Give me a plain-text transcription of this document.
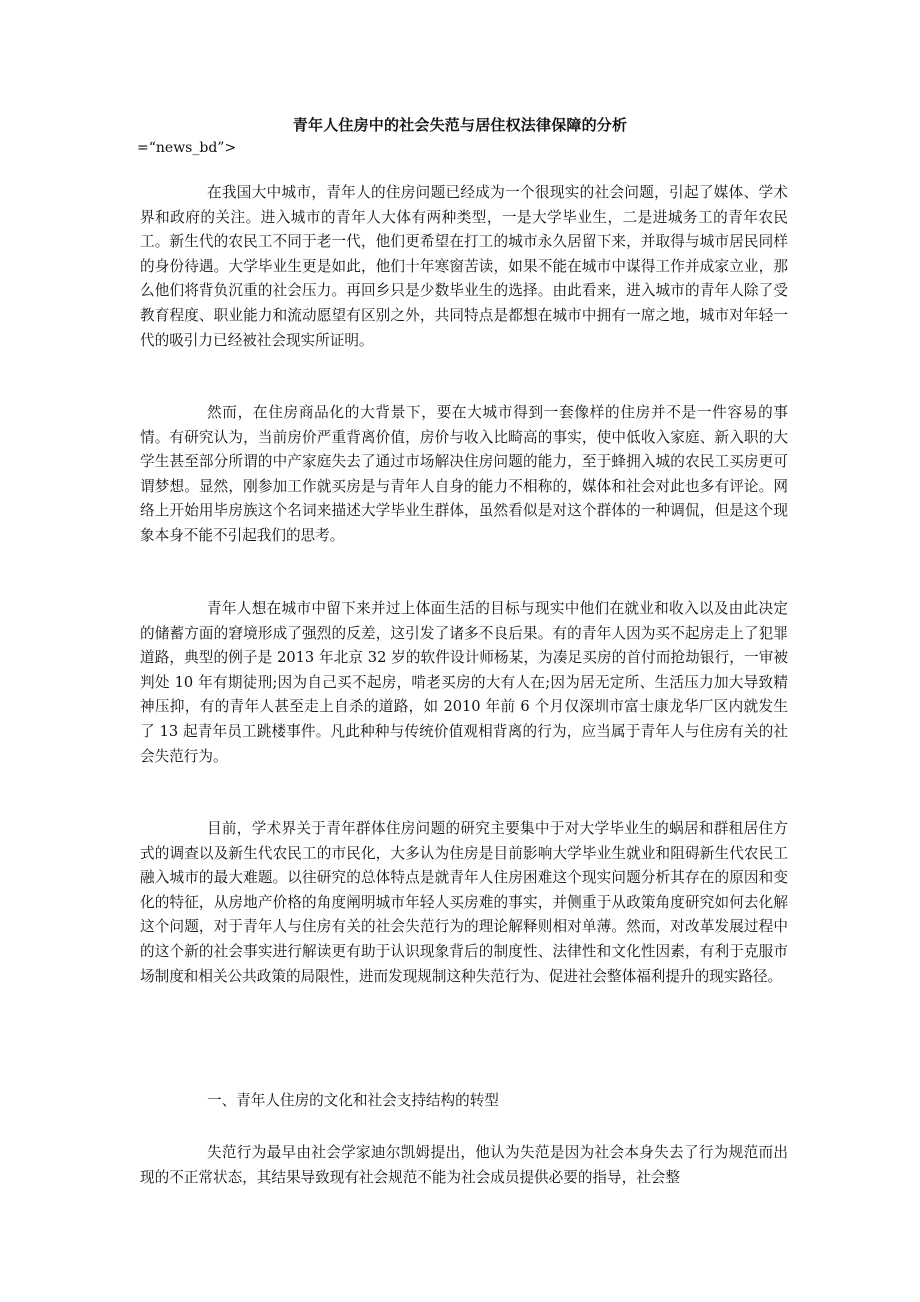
青年人住房中的社会失范与居住权法律保障的分析

=“news_bd”>

在我国大中城市，青年人的住房问题已经成为一个很现实的社会问题，引起了媒体、学术界和政府的关注。进入城市的青年人大体有两种类型，一是大学毕业生，二是进城务工的青年农民工。新生代的农民工不同于老一代，他们更希望在打工的城市永久居留下来，并取得与城市居民同样的身份待遇。大学毕业生更是如此，他们十年寒窗苦读，如果不能在城市中谋得工作并成家立业，那么他们将背负沉重的社会压力。再回乡只是少数毕业生的选择。由此看来，进入城市的青年人除了受教育程度、职业能力和流动愿望有区别之外，共同特点是都想在城市中拥有一席之地，城市对年轻一代的吸引力已经被社会现实所证明。

然而，在住房商品化的大背景下，要在大城市得到一套像样的住房并不是一件容易的事情。有研究认为，当前房价严重背离价值，房价与收入比畸高的事实，使中低收入家庭、新入职的大学生甚至部分所谓的中产家庭失去了通过市场解决住房问题的能力，至于蜂拥入城的农民工买房更可谓梦想。显然，刚参加工作就买房是与青年人自身的能力不相称的，媒体和社会对此也多有评论。网络上开始用毕房族这个名词来描述大学毕业生群体，虽然看似是对这个群体的一种调侃，但是这个现象本身不能不引起我们的思考。

青年人想在城市中留下来并过上体面生活的目标与现实中他们在就业和收入以及由此决定的储蓄方面的窘境形成了强烈的反差，这引发了诸多不良后果。有的青年人因为买不起房走上了犯罪道路，典型的例子是 2013 年北京 32 岁的软件设计师杨某，为凑足买房的首付而抢劫银行，一审被判处 10 年有期徒刑;因为自己买不起房，啃老买房的大有人在;因为居无定所、生活压力加大导致精神压抑，有的青年人甚至走上自杀的道路，如 2010 年前 6 个月仅深圳市富士康龙华厂区内就发生了 13 起青年员工跳楼事件。凡此种种与传统价值观相背离的行为，应当属于青年人与住房有关的社会失范行为。

目前，学术界关于青年群体住房问题的研究主要集中于对大学毕业生的蜗居和群租居住方式的调查以及新生代农民工的市民化，大多认为住房是目前影响大学毕业生就业和阻碍新生代农民工融入城市的最大难题。以往研究的总体特点是就青年人住房困难这个现实问题分析其存在的原因和变化的特征，从房地产价格的角度阐明城市年轻人买房难的事实，并侧重于从政策角度研究如何去化解这个问题，对于青年人与住房有关的社会失范行为的理论解释则相对单薄。然而，对改革发展过程中的这个新的社会事实进行解读更有助于认识现象背后的制度性、法律性和文化性因素，有利于克服市场制度和相关公共政策的局限性，进而发现规制这种失范行为、促进社会整体福利提升的现实路径。

一、青年人住房的文化和社会支持结构的转型

失范行为最早由社会学家迪尔凯姆提出，他认为失范是因为社会本身失去了行为规范而出现的不正常状态，其结果导致现有社会规范不能为社会成员提供必要的指导，社会整
